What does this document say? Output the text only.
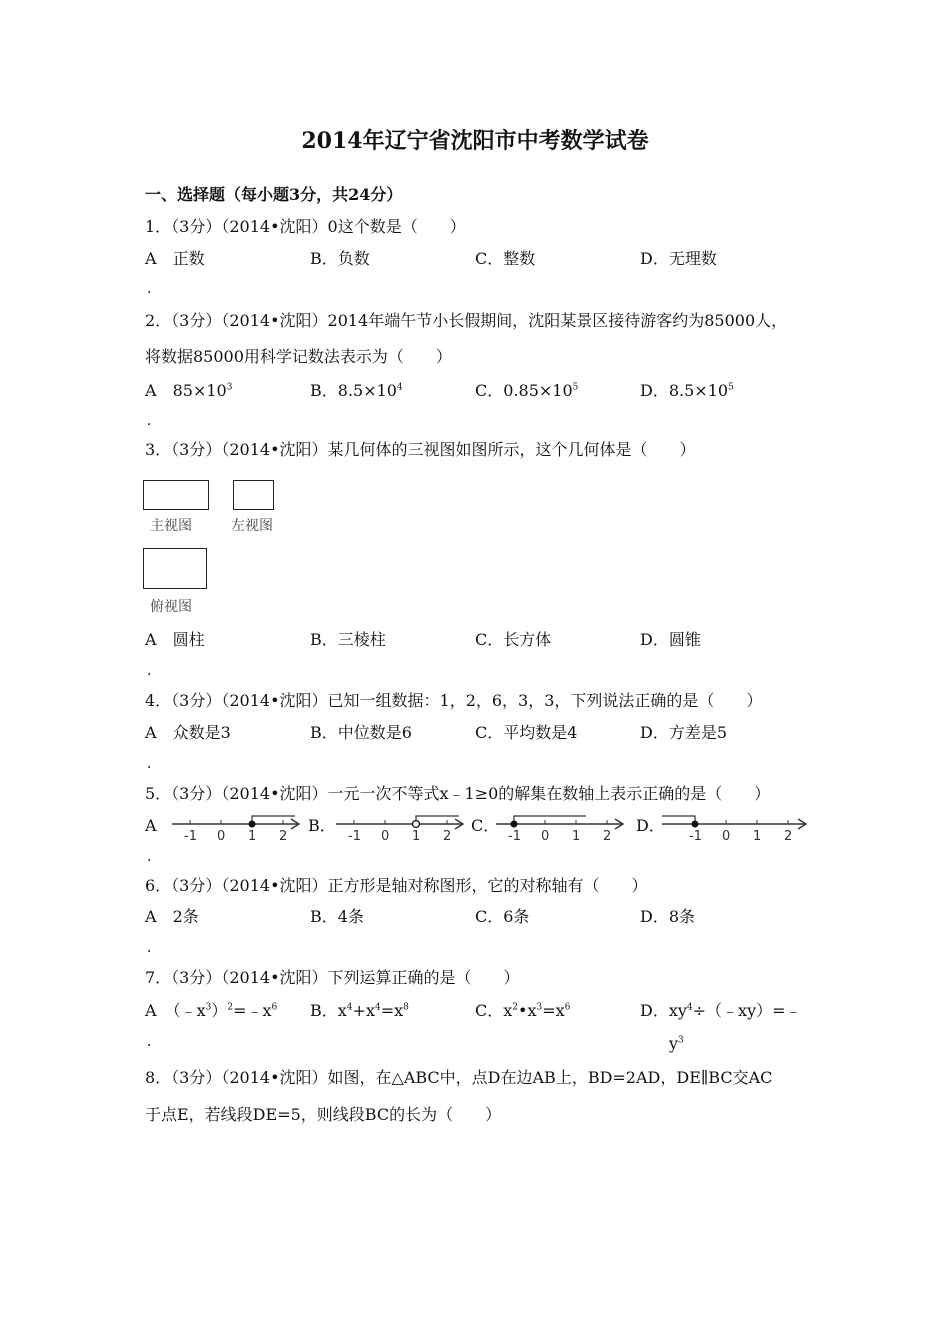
2014年辽宁省沈阳市中考数学试卷
一、选择题（每小题3分，共24分）
1．（3分）（2014•沈阳）0这个数是（　　）
A　 正数	B．负数	C．整数	D．无理数
．
2．（3分）（2014•沈阳）2014年端午节小长假期间，沈阳某景区接待游客约为85000人，
将数据85000用科学记数法表示为（　　）
A　 $85\times 10^3$	B．$8.5\times 10^4$	C．$0.85\times 10^5$	D．$8.5\times 10^5$
．
3．（3分）（2014•沈阳）某几何体的三视图如图所示，这个几何体是（　　）
主视图	左视图
俯视图
A　 圆柱	B．三棱柱	C．长方体	D．圆锥
．
4．（3分）（2014•沈阳）已知一组数据：1，2，6，3，3，下列说法正确的是（　　）
A　 众数是3	B．中位数是6	C．平均数是4	D．方差是5
．
5．（3分）（2014•沈阳）一元一次不等式x﹣1≥0的解集在数轴上表示正确的是（　　）
A	B．	C．	D．
．
-1 0 1 2	-1 0 1 2	-1 0 1 2	-1 0 1 2
6．（3分）（2014•沈阳）正方形是轴对称图形，它的对称轴有（　　）
A　 2条	B．4条	C．6条	D．8条
．
7．（3分）（2014•沈阳）下列运算正确的是（　　）
A　 $(﹣x^3)^2=﹣x^6$ B．$x^4+x^4=x^8$	C．$x^2•x^3=x^6$	D．$xy^4\div(﹣xy)=﹣$
$y^3$
．
8．（3分）（2014•沈阳）如图，在△ABC中，点D在边AB上，BD=2AD，DE∥BC交AC
于点E，若线段DE=5，则线段BC的长为（　　）
